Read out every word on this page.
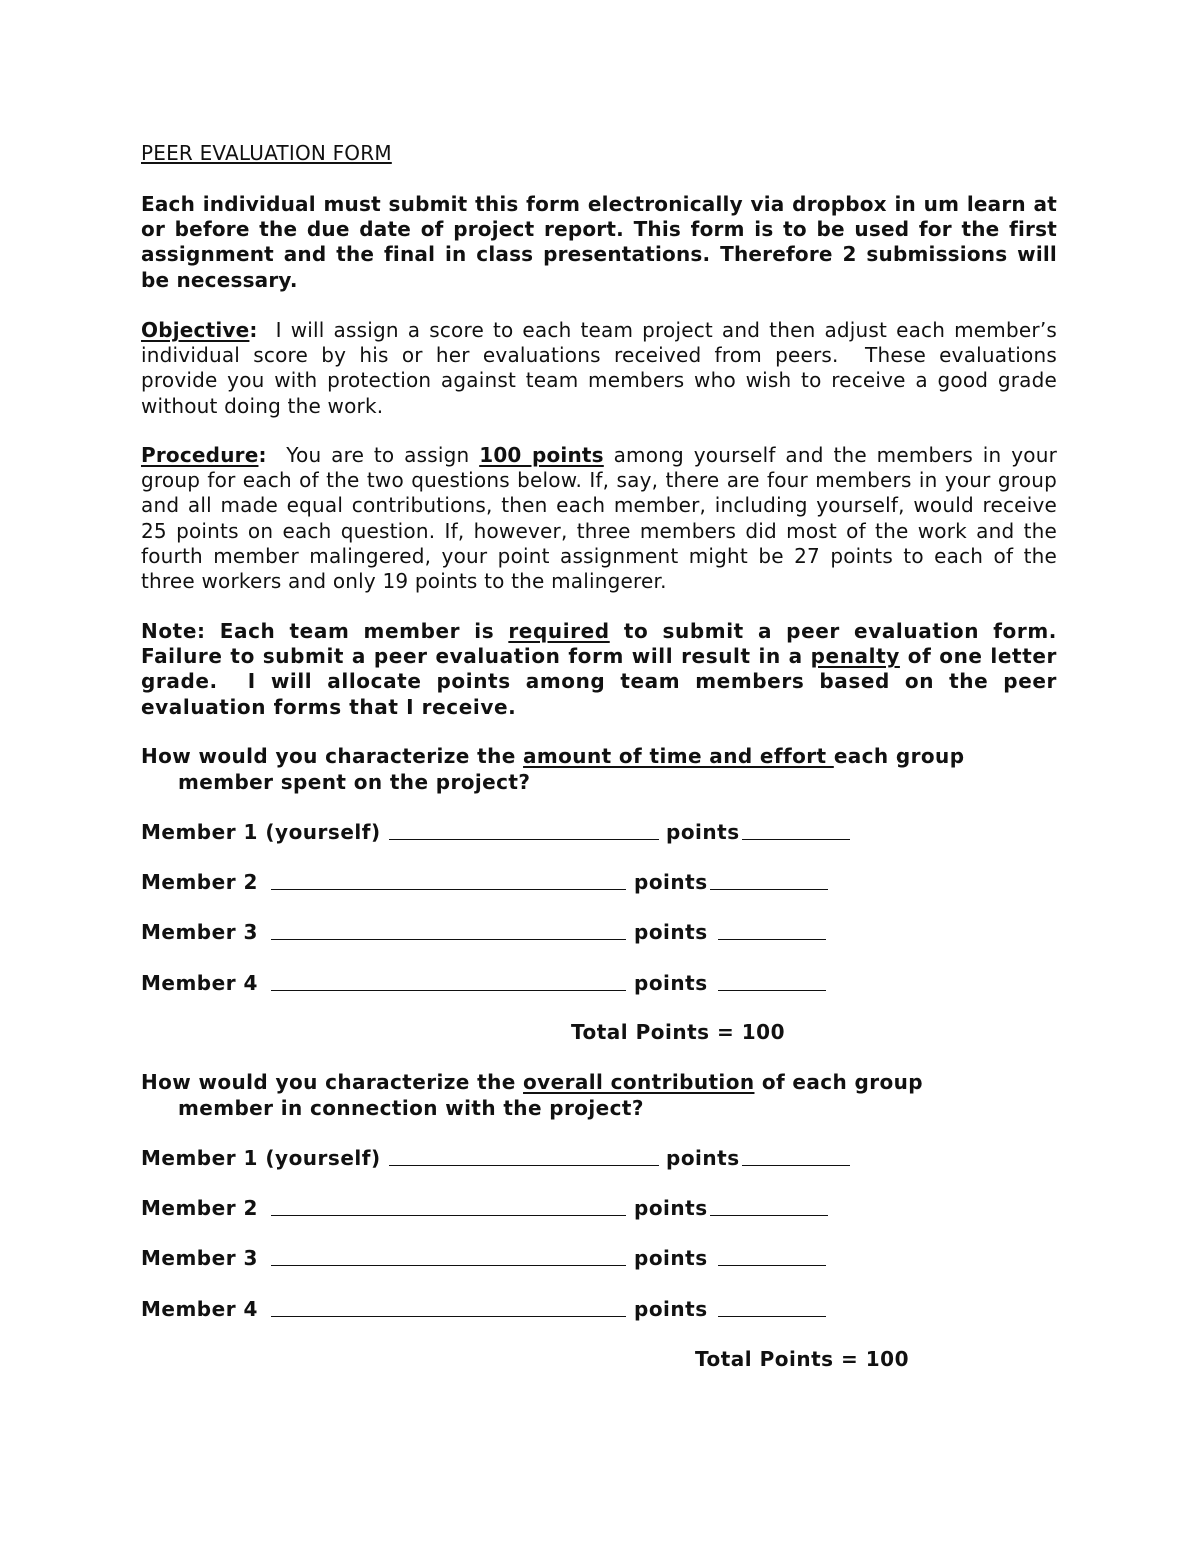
PEER EVALUATION FORM

Each individual must submit this form electronically via dropbox in um learn at or before the due date of project report. This form is to be used for the first assignment and the final in class presentations. Therefore 2 submissions will be necessary.

Objective:  I will assign a score to each team project and then adjust each member’s individual score by his or her evaluations received from peers.  These evaluations provide you with protection against team members who wish to receive a good grade without doing the work.

Procedure:  You are to assign 100 points among yourself and the members in your group for each of the two questions below. If, say, there are four members in your group and all made equal contributions, then each member, including yourself, would receive 25 points on each question. If, however, three members did most of the work and the fourth member malingered, your point assignment might be 27 points to each of the three workers and only 19 points to the malingerer.

Note: Each team member is required to submit a peer evaluation form. Failure to submit a peer evaluation form will result in a penalty of one letter grade.  I will allocate points among team members based on the peer evaluation forms that I receive.

How would you characterize the amount of time and effort each group
member spent on the project?

Member 1 (yourself)	points
Member 2	points
Member 3	points
Member 4	points
Total Points = 100

How would you characterize the overall contribution of each group
member in connection with the project?

Member 1 (yourself)	points
Member 2	points
Member 3	points
Member 4	points
Total Points = 100
